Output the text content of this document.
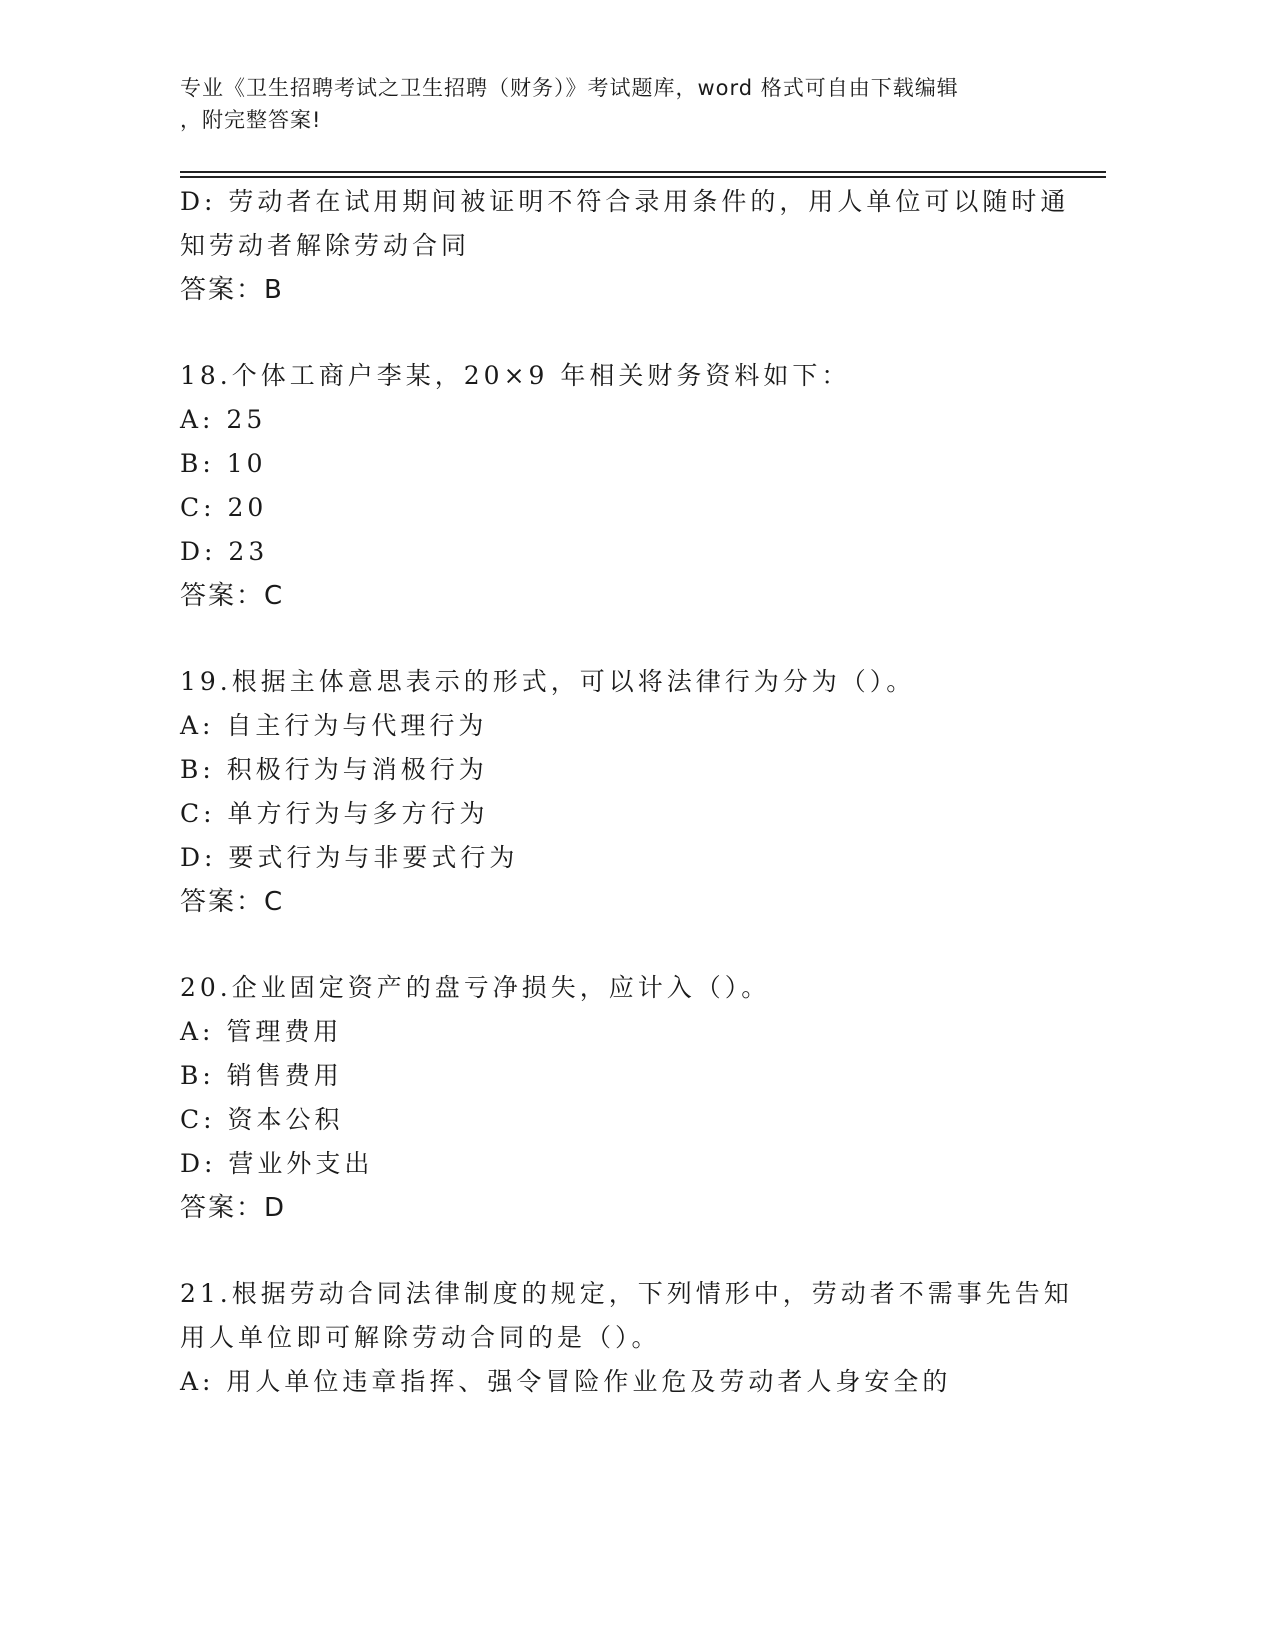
专业《卫生招聘考试之卫生招聘（财务）》考试题库，word 格式可自由下载编辑
，附完整答案!
D: 劳动者在试用期间被证明不符合录用条件的，用人单位可以随时通
知劳动者解除劳动合同
答案：B
18.个体工商户李某，20×9 年相关财务资料如下：
A: 25
B: 10
C: 20
D: 23
答案：C
19.根据主体意思表示的形式，可以将法律行为分为（）。
A: 自主行为与代理行为
B: 积极行为与消极行为
C: 单方行为与多方行为
D: 要式行为与非要式行为
答案：C
20.企业固定资产的盘亏净损失，应计入（）。
A: 管理费用
B: 销售费用
C: 资本公积
D: 营业外支出
答案：D
21.根据劳动合同法律制度的规定，下列情形中，劳动者不需事先告知
用人单位即可解除劳动合同的是（）。
A: 用人单位违章指挥、强令冒险作业危及劳动者人身安全的
